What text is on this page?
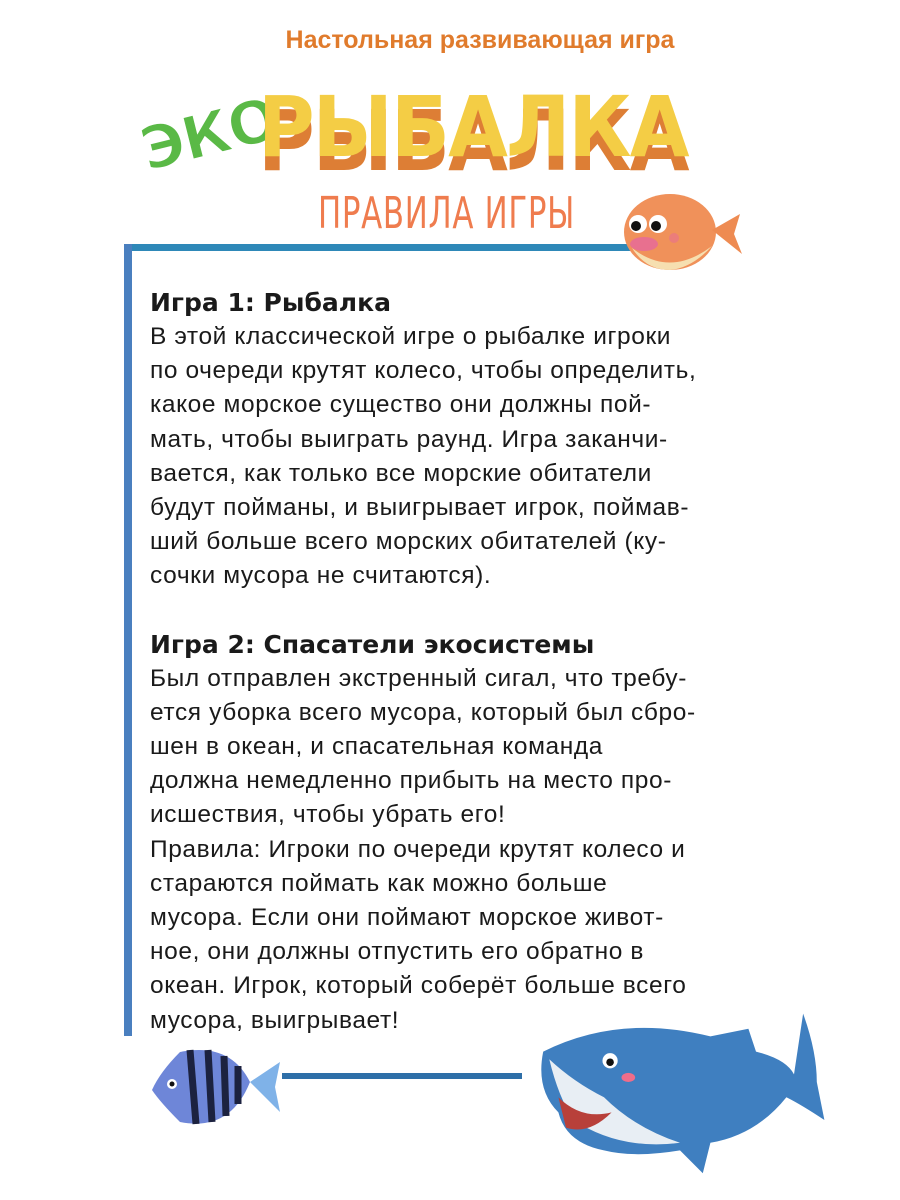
Настольная развивающая игра
ЭКО
РЫБАЛКА
ПРАВИЛА ИГРЫ
Игра 1: Рыбалка
В этой классической игре о рыбалке игроки
по очереди крутят колесо, чтобы определить,
какое морское существо они должны пой-
мать, чтобы выиграть раунд. Игра заканчи-
вается, как только все морские обитатели
будут пойманы, и выигрывает игрок, поймав-
ший больше всего морских обитателей (ку-
сочки мусора не считаются).
Игра 2: Спасатели экосистемы
Был отправлен экстренный сигал, что требу-
ется уборка всего мусора, который был сбро-
шен в океан, и спасательная команда
должна немедленно прибыть на место про-
исшествия, чтобы убрать его!
Правила: Игроки по очереди крутят колесо и
стараются поймать как можно больше
мусора. Если они поймают морское живот-
ное, они должны отпустить его обратно в
океан. Игрок, который соберёт больше всего
мусора, выигрывает!
